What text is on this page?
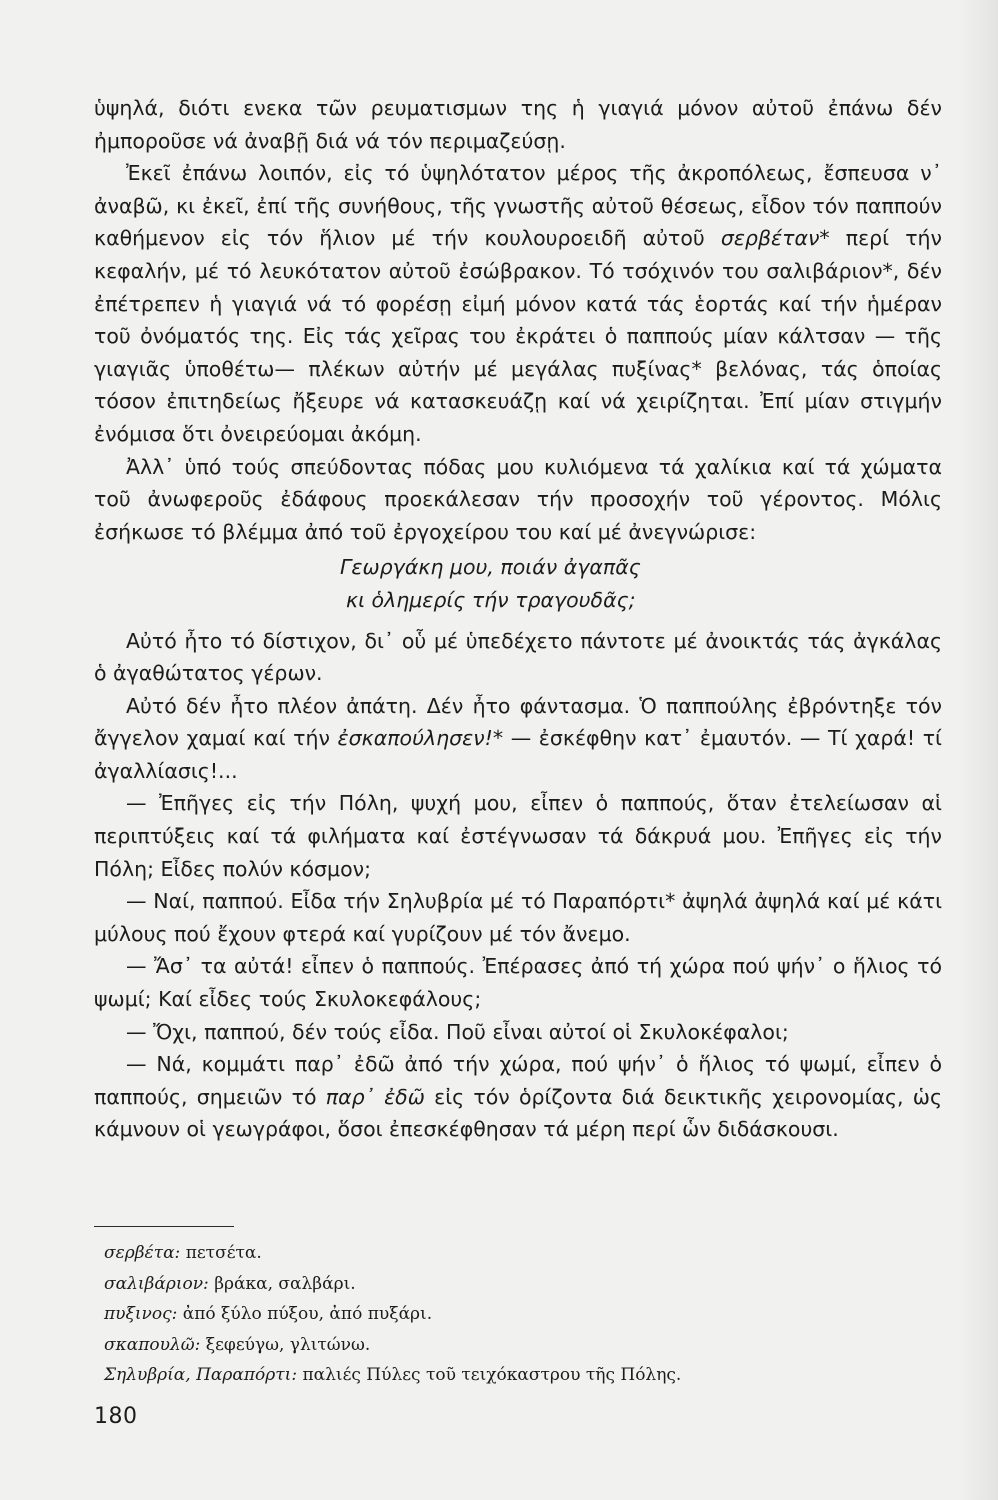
ὑψηλά, διότι ενεκα τῶν ρευματισμων της ἡ γιαγιά μόνον αὐτοῦ ἐπάνω δέν ἠμποροῦσε νά ἀναβῇ διά νά τόν περιμαζεύσῃ.

Ἐκεῖ ἐπάνω λοιπόν, εἰς τό ὑψηλότατον μέρος τῆς ἀκροπόλεως, ἔσπευσα ν᾽ ἀναβῶ, κι ἐκεῖ, ἐπί τῆς συνήθους, τῆς γνωστῆς αὐτοῦ θέσεως, εἶδον τόν παππούν καθήμενον εἰς τόν ἥλιον μέ τήν κουλουροειδῆ αὐτοῦ σερβέταν* περί τήν κεφαλήν, μέ τό λευκότατον αὐτοῦ ἐσώβρακον. Τό τσόχινόν του σαλιβάριον*, δέν ἐπέτρεπεν ἡ γιαγιά νά τό φορέσῃ εἰμή μόνον κατά τάς ἑορτάς καί τήν ἡμέραν τοῦ ὀνόματός της. Εἰς τάς χεῖρας του ἐκράτει ὁ παππούς μίαν κάλτσαν — τῆς γιαγιᾶς ὑποθέτω— πλέκων αὐτήν μέ μεγάλας πυξίνας* βελόνας, τάς ὁποίας τόσον ἐπιτηδείως ἤξευρε νά κατασκευάζῃ καί νά χειρίζηται. Ἐπί μίαν στιγμήν ἐνόμισα ὅτι ὀνειρεύομαι ἀκόμη.

Ἀλλ᾽ ὑπό τούς σπεύδοντας πόδας μου κυλιόμενα τά χαλίκια καί τά χώματα τοῦ ἀνωφεροῦς ἐδάφους προεκάλεσαν τήν προσοχήν τοῦ γέροντος. Μόλις ἐσήκωσε τό βλέμμα ἀπό τοῦ ἐργοχείρου του καί μέ ἀνεγνώρισε:

Γεωργάκη μου, ποιάν ἀγαπᾶς
κι ὁλημερίς τήν τραγουδᾶς;

Αὐτό ἦτο τό δίστιχον, δι᾽ οὗ μέ ὑπεδέχετο πάντοτε μέ ἀνοικτάς τάς ἀγκάλας ὁ ἀγαθώτατος γέρων.

Αὐτό δέν ἦτο πλέον ἀπάτη. Δέν ἦτο φάντασμα. Ὁ παππούλης ἐβρόντηξε τόν ἄγγελον χαμαί καί τήν ἐσκαπούλησεν!* — ἐσκέφθην κατ᾽ ἐμαυτόν. — Τί χαρά! τί ἀγαλλίασις!...

— Ἐπῆγες εἰς τήν Πόλη, ψυχή μου, εἶπεν ὁ παππούς, ὅταν ἐτελείωσαν αἱ περιπτύξεις καί τά φιλήματα καί ἐστέγνωσαν τά δάκρυά μου. Ἐπῆγες εἰς τήν Πόλη; Εἶδες πολύν κόσμον;

— Ναί, παππού. Εἶδα τήν Σηλυβρία μέ τό Παραπόρτι* ἀψηλά ἀψηλά καί μέ κάτι μύλους πού ἔχουν φτερά καί γυρίζουν μέ τόν ἄνεμο.

— Ἄσ᾽ τα αὐτά! εἶπεν ὁ παππούς. Ἐπέρασες ἀπό τή χώρα πού ψήν᾽ ο ἥλιος τό ψωμί; Καί εἶδες τούς Σκυλοκεφάλους;

— Ὄχι, παππού, δέν τούς εἶδα. Ποῦ εἶναι αὐτοί οἱ Σκυλοκέφαλοι;

— Νά, κομμάτι παρ᾽ ἐδῶ ἀπό τήν χώρα, πού ψήν᾽ ὁ ἥλιος τό ψωμί, εἶπεν ὁ παππούς, σημειῶν τό παρ᾽ ἐδῶ εἰς τόν ὁρίζοντα διά δεικτικῆς χειρονομίας, ὡς κάμνουν οἱ γεωγράφοι, ὅσοι ἐπεσκέφθησαν τά μέρη περί ὧν διδάσκουσι.

σερβέτα: πετσέτα.
σαλιβάριον: βράκα, σαλβάρι.
πυξινος: ἀπό ξύλο πύξου, ἀπό πυξάρι.
σκαπουλῶ: ξεφεύγω, γλιτώνω.
Σηλυβρία, Παραπόρτι: παλιές Πύλες τοῦ τειχόκαστρου τῆς Πόλης.
180
